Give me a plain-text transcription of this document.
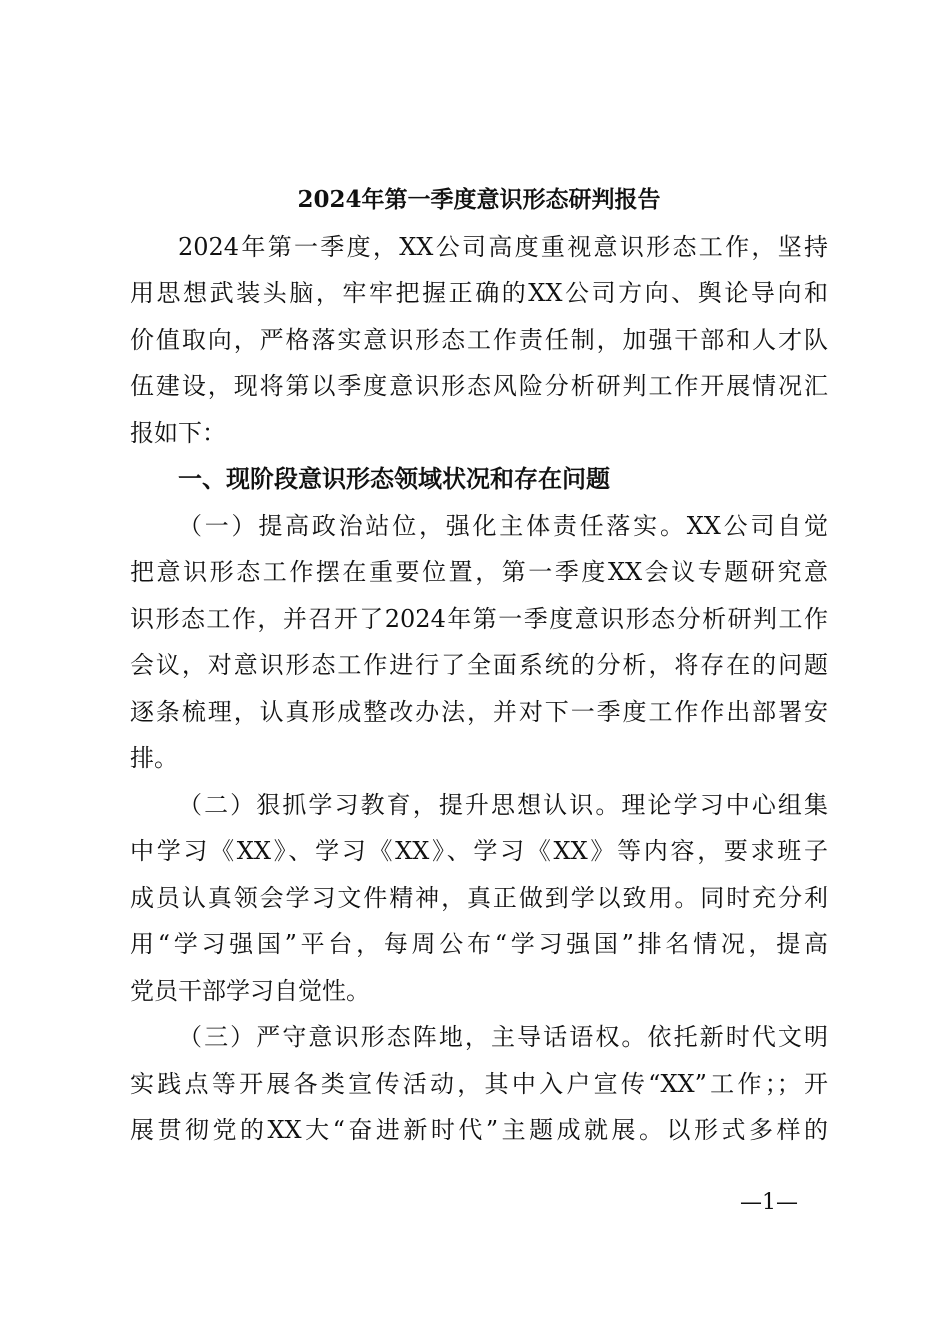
2024年第一季度意识形态研判报告
2024年第一季度，XX公司高度重视意识形态工作，坚持
用思想武装头脑，牢牢把握正确的XX公司方向、舆论导向和
价值取向，严格落实意识形态工作责任制，加强干部和人才队
伍建设，现将第以季度意识形态风险分析研判工作开展情况汇
报如下：
一、现阶段意识形态领域状况和存在问题
（一）提高政治站位，强化主体责任落实。XX公司自觉
把意识形态工作摆在重要位置，第一季度XX会议专题研究意
识形态工作，并召开了2024年第一季度意识形态分析研判工作
会议，对意识形态工作进行了全面系统的分析，将存在的问题
逐条梳理，认真形成整改办法，并对下一季度工作作出部署安
排。
（二）狠抓学习教育，提升思想认识。理论学习中心组集
中学习《XX》、学习《XX》、学习《XX》等内容，要求班子
成员认真领会学习文件精神，真正做到学以致用。同时充分利
用“学习强国”平台，每周公布“学习强国”排名情况，提高
党员干部学习自觉性。
（三）严守意识形态阵地，主导话语权。依托新时代文明
实践点等开展各类宣传活动，其中入户宣传“XX”工作；；开
展贯彻党的XX大“奋进新时代”主题成就展。以形式多样的
—1—
